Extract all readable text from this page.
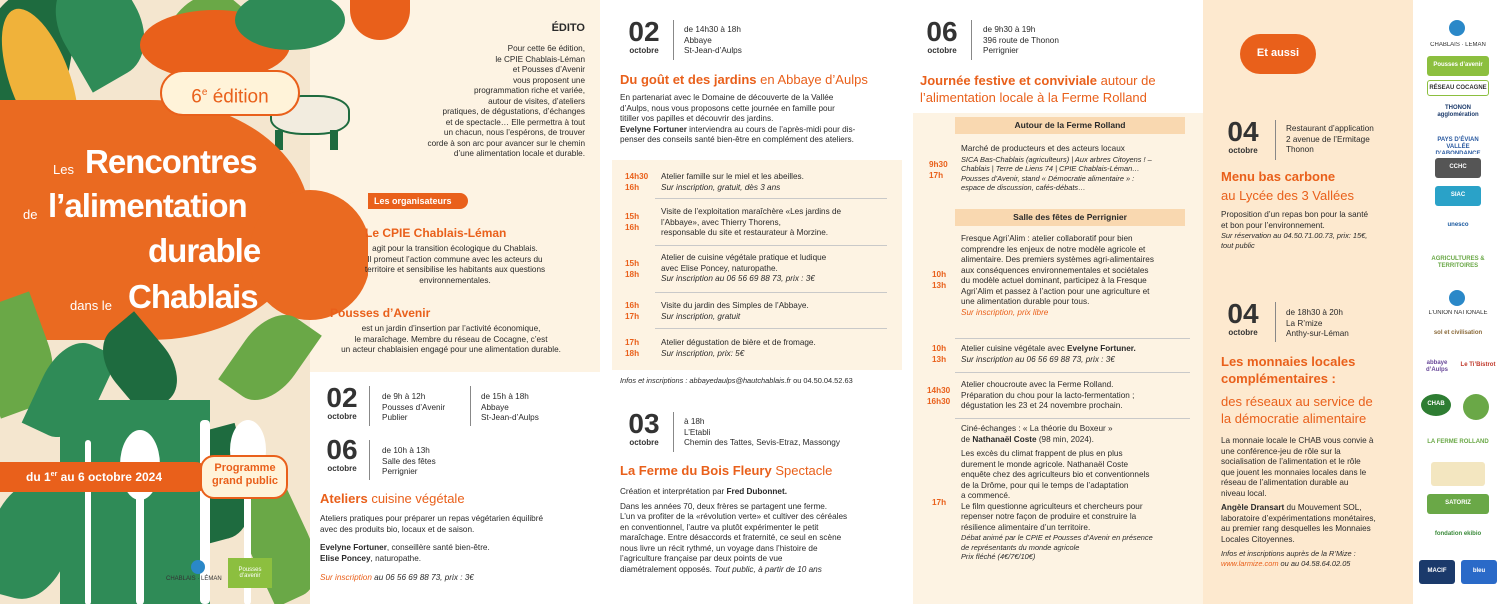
6e édition
Les Rencontres
de l’alimentation
durable
dans le Chablais
du 1er au 6 octobre 2024
Programme
grand public
ÉDITO
Pour cette 6e édition,
le CPIE Chablais-Léman
et Pousses d’Avenir
vous proposent une
programmation riche et variée,
autour de visites, d’ateliers
pratiques, de dégustations, d’échanges
et de spectacle… Elle permettra à tout
un chacun, nous l’espérons, de trouver
corde à son arc pour avancer sur le chemin
d’une alimentation locale et durable.
Les organisateurs
Le CPIE Chablais-Léman
agit pour la transition écologique du Chablais.
Il promeut l’action commune avec les acteurs du
territoire et sensibilise les habitants aux questions
environnementales.
Pousses d’Avenir
est un jardin d’insertion par l’activité économique,
le maraîchage. Membre du réseau de Cocagne, c’est
un acteur chablaisien engagé pour une alimentation durable.
02
octobre
de 9h à 12h
Pousses d’Avenir
Publier
de 15h à 18h
Abbaye
St-Jean-d’Aulps
06
octobre
de 10h à 13h
Salle des fêtes
Perrignier
Ateliers cuisine végétale
Ateliers pratiques pour préparer un repas végétarien équilibré
avec des produits bio, locaux et de saison.
Evelyne Fortuner, conseillère santé bien-être.
Elise Poncey, naturopathe.
Sur inscription au 06 56 69 88 73, prix : 3€
CHABLAIS · LÉMAN
Pousses d’avenir
02
octobre
de 14h30 à 18h
Abbaye
St-Jean-d’Aulps
Du goût et des jardins en Abbaye d’Aulps
En partenariat avec le Domaine de découverte de la Vallée
d’Aulps, nous vous proposons cette journée en famille pour
titiller vos papilles et découvrir des jardins.
Evelyne Fortuner interviendra au cours de l’après-midi pour dis-
penser des conseils santé bien-être en complément des ateliers.
14h30
16h
Atelier famille sur le miel et les abeilles.
Sur inscription, gratuit, dès 3 ans
15h
16h
Visite de l’exploitation maraîchère «Les jardins de
l’Abbaye», avec Thierry Thorens,
responsable du site et restaurateur à Morzine.
15h
18h
Atelier de cuisine végétale pratique et ludique
avec Elise Poncey, naturopathe.
Sur inscription au 06 56 69 88 73, prix : 3€
16h
17h
Visite du jardin des Simples de l’Abbaye.
Sur inscription, gratuit
17h
18h
Atelier dégustation de bière et de fromage.
Sur inscription, prix: 5€
Infos et inscriptions : abbayedaulps@hautchablais.fr ou 04.50.04.52.63
03
octobre
à 18h
L’Etabli
Chemin des Tattes, Sevis-Etraz, Massongy
La Ferme du Bois Fleury Spectacle
Création et interprétation par Fred Dubonnet.
Dans les années 70, deux frères se partagent une ferme.
L’un va profiter de la «révolution verte» et cultiver des céréales
en conventionnel, l’autre va plutôt expérimenter le petit
maraîchage. Entre désaccords et fraternité, ce seul en scène
nous livre un récit rythmé, un voyage dans l’histoire de
l’agriculture française par deux points de vue
diamétralement opposés. Tout public, à partir de 10 ans
06
octobre
de 9h30 à 19h
396 route de Thonon
Perrignier
Journée festive et conviviale autour de
l’alimentation locale à la Ferme Rolland
Autour de la Ferme Rolland
9h30
17h
Marché de producteurs et des acteurs locaux
SICA Bas-Chablais (agriculteurs) | Aux arbres Citoyens ! –
Chablais | Terre de Liens 74 | CPIE Chablais-Léman…
Pousses d’Avenir, stand « Démocratie alimentaire » :
espace de discussion, cafés-débats…
Salle des fêtes de Perrignier
10h
13h
Fresque Agri’Alim : atelier collaboratif pour bien
comprendre les enjeux de notre modèle agricole et
alimentaire. Des premiers systèmes agri-alimentaires
aux conséquences environnementales et sociétales
du modèle actuel dominant, participez à la Fresque
Agri’Alim et passez à l’action pour une agriculture et
une alimentation durable pour tous.
Sur inscription, prix libre
10h
13h
Atelier cuisine végétale avec Evelyne Fortuner.
Sur inscription au 06 56 69 88 73, prix : 3€
14h30
16h30
Atelier choucroute avec la Ferme Rolland.
Préparation du chou pour la lacto-fermentation ;
dégustation les 23 et 24 novembre prochain.
17h
Ciné-échanges : « La théorie du Boxeur »
de Nathanaël Coste (98 min, 2024).
Les excès du climat frappent de plus en plus
durement le monde agricole. Nathanaël Coste
enquête chez des agriculteurs bio et conventionnels
de la Drôme, pour qui le temps de l’adaptation
a commencé.
Le film questionne agriculteurs et chercheurs pour
repenser notre façon de produire et construire la
résilience alimentaire d’un territoire.
Débat animé par le CPIE et Pousses d’Avenir en présence
de représentants du monde agricole
Prix fléché (4€/7€/10€)
Et aussi
04
octobre
Restaurant d’application
2 avenue de l’Ermitage
Thonon
Menu bas carbone
au Lycée des 3 Vallées
Proposition d’un repas bon pour la santé
et bon pour l’environnement.
Sur réservation au 04.50.71.00.73, prix: 15€,
tout public
04
octobre
de 18h30 à 20h
La R’mize
Anthy-sur-Léman
Les monnaies locales
complémentaires :
des réseaux au service de
la démocratie alimentaire
La monnaie locale le CHAB vous convie à
une conférence-jeu de rôle sur la
socialisation de l’alimentation et le rôle
que jouent les monnaies locales dans le
réseau de l’alimentation durable au
niveau local.
Angèle Dransart du Mouvement SOL,
laboratoire d’expérimentations monétaires,
au premier rang desquelles les Monnaies
Locales Citoyennes.
Infos et inscriptions auprès de la R’Mize :
www.larmize.com ou au 04.58.64.02.05
CHABLAIS · LÉMAN
Pousses d’avenir
RÉSEAU COCAGNE
THONON agglomération
PAYS D’ÉVIAN VALLÉE D’ABONDANCE
CCHC
SIAC
unesco
AGRICULTURES & TERRITOIRES
L’UNION NATIONALE
sol et civilisation
abbaye d’Aulps
Le Ti’Bistrot
CHAB
LA FERME ROLLAND
SATORIZ
fondation ekibio
MACIF	bleu
